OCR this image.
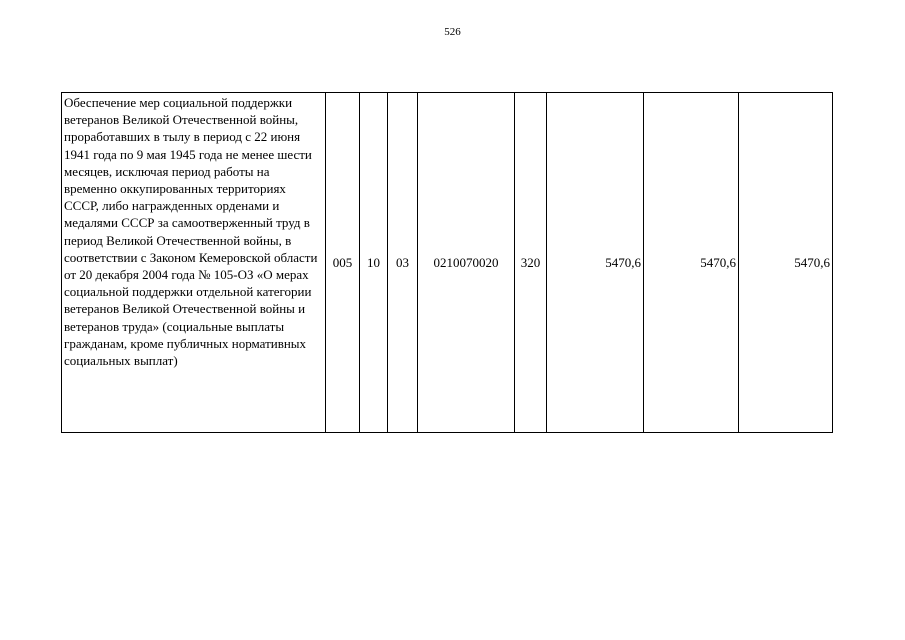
526
Обеспечение мер социальной поддержки ветеранов Великой Отечественной войны, проработавших в тылу в период с 22 июня 1941 года по 9 мая 1945 года не менее шести месяцев, исключая период работы на временно оккупированных территориях СССР, либо награжденных орденами и медалями СССР за самоотверженный труд в период Великой Отечественной войны, в соответствии с Законом Кемеровской области от 20 декабря 2004 года № 105-ОЗ «О мерах социальной поддержки отдельной категории ветеранов Великой Отечественной войны и ветеранов труда» (социальные выплаты гражданам, кроме публичных нормативных социальных выплат)	005	10	03	0210070020	320	5470,6	5470,6	5470,6
